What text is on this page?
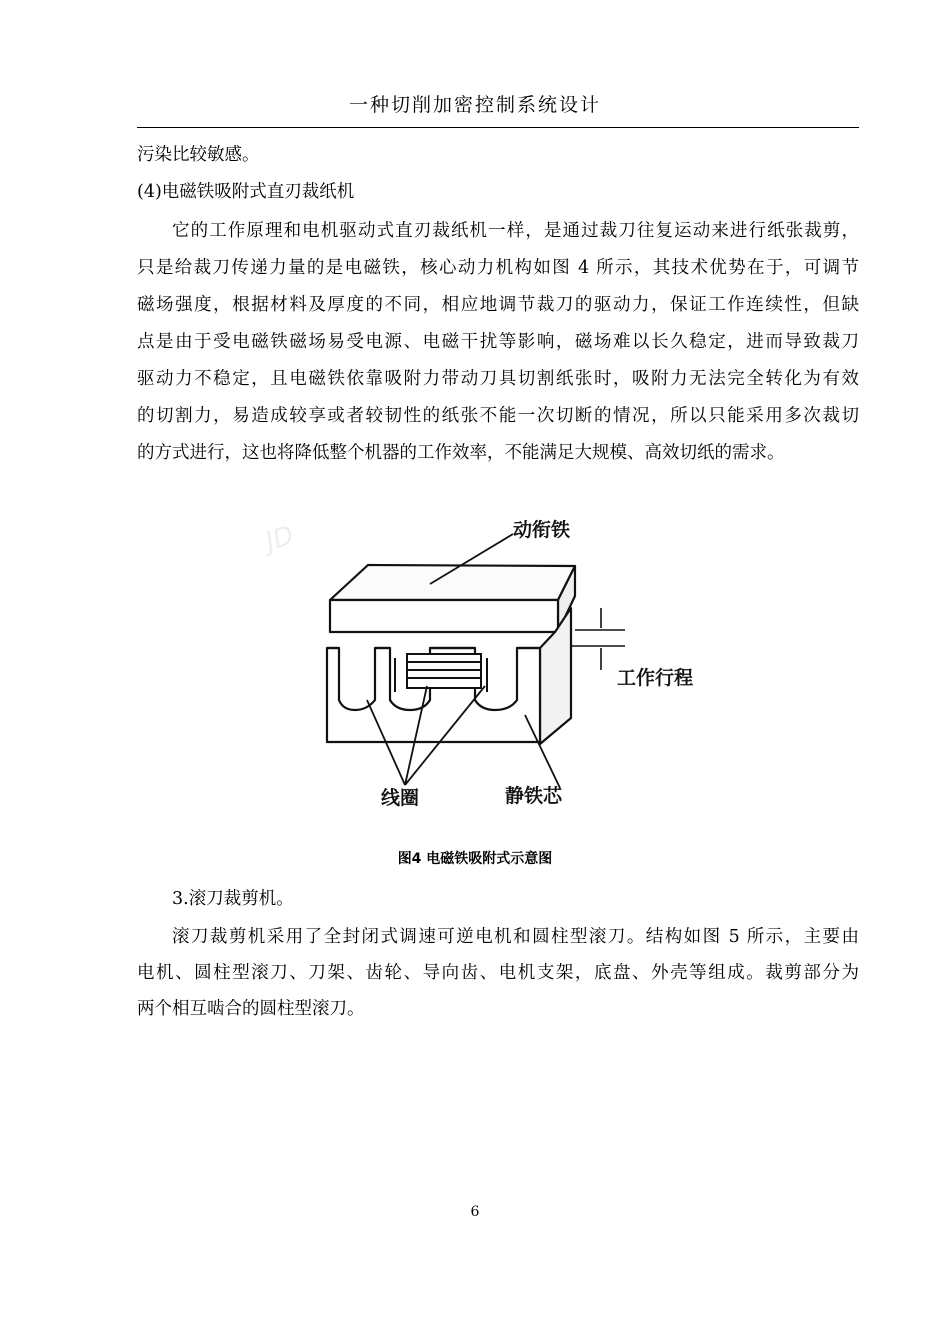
一种切削加密控制系统设计
污染比较敏感。
(4)电磁铁吸附式直刃裁纸机
它的工作原理和电机驱动式直刃裁纸机一样，是通过裁刀往复运动来进行纸张裁剪，
只是给裁刀传递力量的是电磁铁，核心动力机构如图 4 所示，其技术优势在于，可调节
磁场强度，根据材料及厚度的不同，相应地调节裁刀的驱动力，保证工作连续性，但缺
点是由于受电磁铁磁场易受电源、电磁干扰等影响，磁场难以长久稳定，进而导致裁刀
驱动力不稳定，且电磁铁依靠吸附力带动刀具切割纸张时，吸附力无法完全转化为有效
的切割力，易造成较享或者较韧性的纸张不能一次切断的情况，所以只能采用多次裁切
的方式进行，这也将降低整个机器的工作效率，不能满足大规模、高效切纸的需求。
JD	动衔铁
工作行程
线圈	静铁芯
图4 电磁铁吸附式示意图
3.滚刀裁剪机。
滚刀裁剪机采用了全封闭式调速可逆电机和圆柱型滚刀。结构如图 5 所示，主要由
电机、圆柱型滚刀、刀架、齿轮、导向齿、电机支架，底盘、外壳等组成。裁剪部分为
两个相互啮合的圆柱型滚刀。
6
